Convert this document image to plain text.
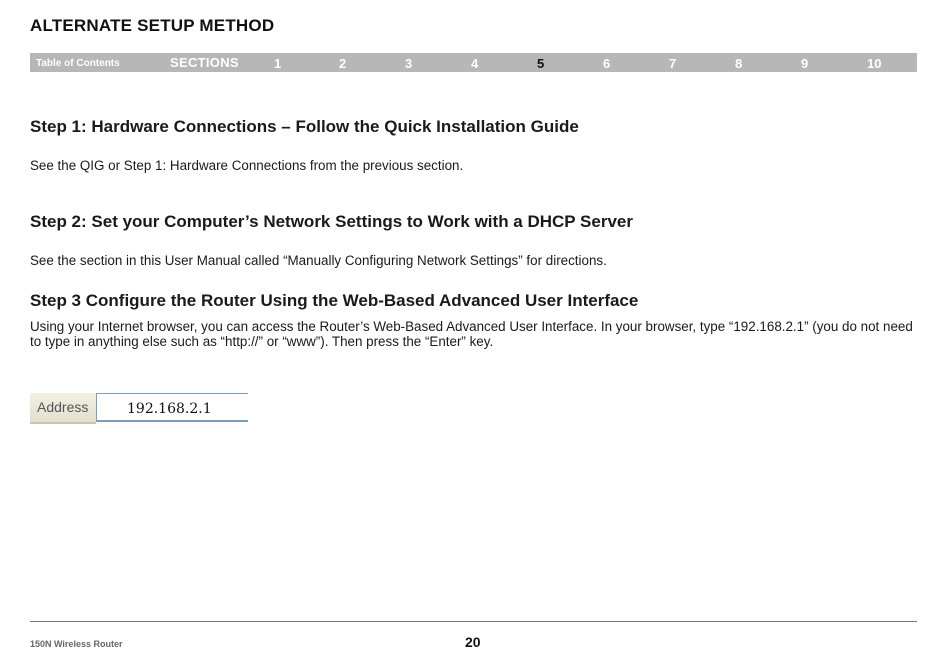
ALTERNATE SETUP METHOD
Table of Contents	SECTIONS	1	2	3	4	5	6	7	8	9	10
Step 1: Hardware Connections – Follow the Quick Installation Guide

See the QIG or Step 1: Hardware Connections from the previous section.

Step 2: Set your Computer’s Network Settings to Work with a DHCP Server

See the section in this User Manual called “Manually Configuring Network Settings” for directions.

Step 3 Configure the Router Using the Web-Based Advanced User Interface

Using your Internet browser, you can access the Router’s Web-Based Advanced User Interface. In your browser, type “192.168.2.1” (you do not need to type in anything else such as “http://” or “www”). Then press the “Enter” key.

Address	192.168.2.1
150N Wireless Router	20
